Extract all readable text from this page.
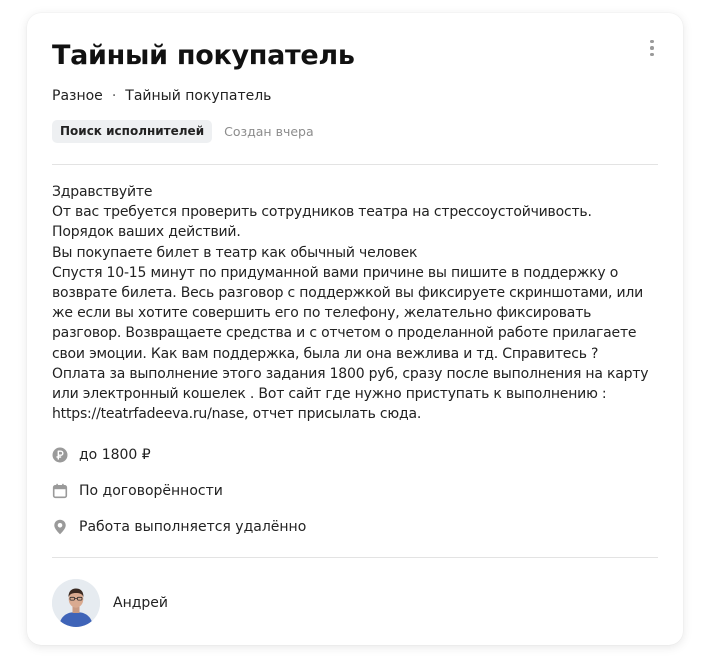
Тайный покупатель
Разное · Тайный покупатель
Поиск исполнителей	Создан вчера
Здравствуйте
От вас требуется проверить сотрудников театра на стрессоустойчивость.
Порядок ваших действий.
Вы покупаете билет в театр как обычный человек
Спустя 10-15 минут по придуманной вами причине вы пишите в поддержку о возврате билета. Весь разговор с поддержкой вы фиксируете скриншотами, или же если вы хотите совершить его по телефону, желательно фиксировать разговор. Возвращаете средства и с отчетом о проделанной работе прилагаете свои эмоции. Как вам поддержка, была ли она вежлива и тд. Справитесь ?
Оплата за выполнение этого задания 1800 руб, сразу после выполнения на карту или электронный кошелек . Вот сайт где нужно приступать к выполнению : https://teatrfadeeva.ru/nase, отчет присылать сюда.
до 1800 ₽
По договорённости
Работа выполняется удалённо
Андрей
